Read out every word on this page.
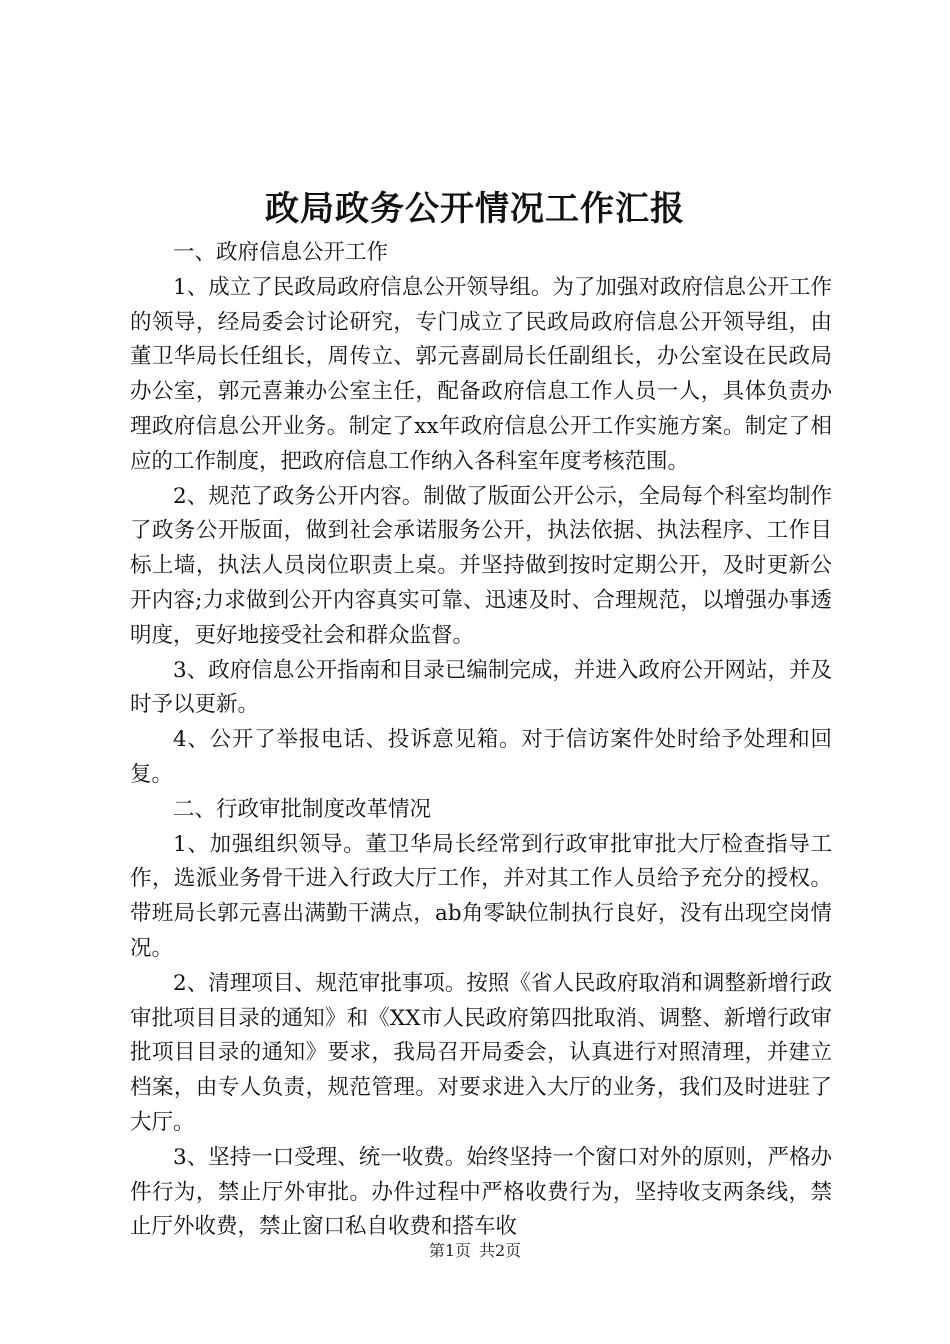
政局政务公开情况工作汇报

一、政府信息公开工作

1、成立了民政局政府信息公开领导组。为了加强对政府信息公开工作的领导，经局委会讨论研究，专门成立了民政局政府信息公开领导组，由董卫华局长任组长，周传立、郭元喜副局长任副组长，办公室设在民政局办公室，郭元喜兼办公室主任，配备政府信息工作人员一人，具体负责办理政府信息公开业务。制定了xx年政府信息公开工作实施方案。制定了相应的工作制度，把政府信息工作纳入各科室年度考核范围。

2、规范了政务公开内容。制做了版面公开公示，全局每个科室均制作了政务公开版面，做到社会承诺服务公开，执法依据、执法程序、工作目标上墙，执法人员岗位职责上桌。并坚持做到按时定期公开，及时更新公开内容;力求做到公开内容真实可靠、迅速及时、合理规范，以增强办事透明度，更好地接受社会和群众监督。

3、政府信息公开指南和目录已编制完成，并进入政府公开网站，并及时予以更新。

4、公开了举报电话、投诉意见箱。对于信访案件处时给予处理和回复。

二、行政审批制度改革情况

1、加强组织领导。董卫华局长经常到行政审批审批大厅检查指导工作，选派业务骨干进入行政大厅工作，并对其工作人员给予充分的授权。带班局长郭元喜出满勤干满点，ab角零缺位制执行良好，没有出现空岗情况。

2、清理项目、规范审批事项。按照《省人民政府取消和调整新增行政审批项目目录的通知》和《XX市人民政府第四批取消、调整、新增行政审批项目目录的通知》要求，我局召开局委会，认真进行对照清理，并建立档案，由专人负责，规范管理。对要求进入大厅的业务，我们及时进驻了大厅。

3、坚持一口受理、统一收费。始终坚持一个窗口对外的原则，严格办件行为，禁止厅外审批。办件过程中严格收费行为，坚持收支两条线，禁止厅外收费，禁止窗口私自收费和搭车收

第1页 共2页
